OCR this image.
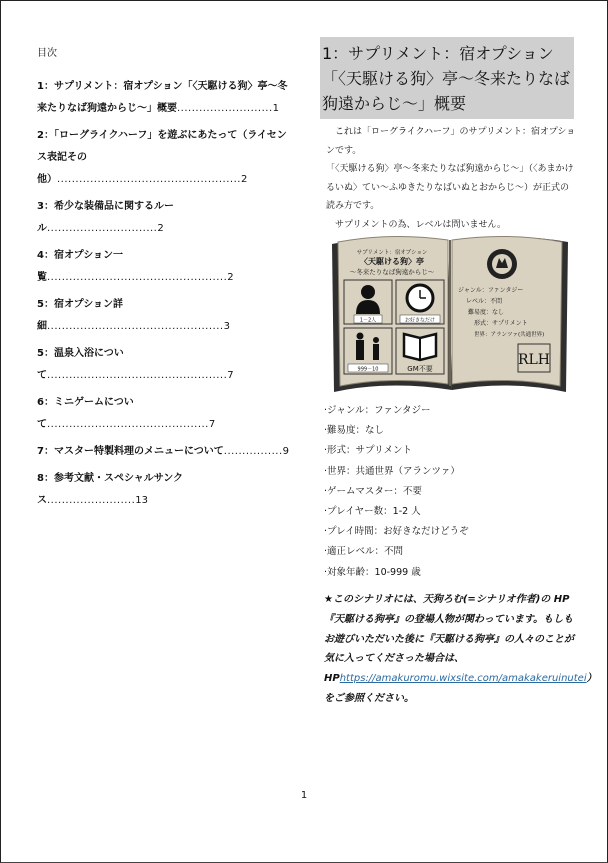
目次
1：サプリメント：宿オプション「〈天駆ける狗〉亭〜冬来たりなば狗遠からじ〜」概要..........................1
2：「ローグライクハーフ」を遊ぶにあたって（ライセンス表記その他）..................................................2
3：希少な装備品に関するルール..............................2
4：宿オプション一覧.................................................2
5：宿オプション詳細................................................3
5：温泉入浴について.................................................7
6：ミニゲームについて............................................7
7：マスター特製料理のメニューについて................9
8：参考文献・スペシャルサンクス........................13
1：サプリメント：宿オプション「〈天駆ける狗〉亭〜冬来たりなば狗遠からじ〜」概要
　これは「ローグライクハーフ」のサプリメント：宿オプションです。
「〈天駆ける狗〉亭〜冬来たりなば狗遠からじ〜」（〈あまかけるいぬ〉てい〜ふゆきたりなばいぬとおからじ〜）が正式の読み方です。
　サプリメントの為、レベルは問いません。
サプリメント：宿オプション
〈天駆ける狗〉亭
〜冬来たりなば狗遠からじ〜
1－2人	お好きなだけ
999－10	GM不要
ジャンル：ファンタジー
レベル：不問
難易度：なし
形式：サプリメント
世界：アランツァ(共通世界)
RLH
·ジャンル：ファンタジー
·難易度：なし
·形式：サプリメント
·世界：共通世界（アランツァ）
·ゲームマスター：不要
·プレイヤー数：1-2 人
·プレイ時間：お好きなだけどうぞ
·適正レベル：不問
·対象年齢：10-999 歳
★このシナリオには、天狗ろむ(=シナリオ作者)の HP『天駆ける狗亭』の登場人物が関わっています。もしもお遊びいただいた後に『天駆ける狗亭』の人々のことが気に入ってくださった場合は、HPhttps://amakuromu.wixsite.com/amakakeruinutei）をご参照ください。
1
